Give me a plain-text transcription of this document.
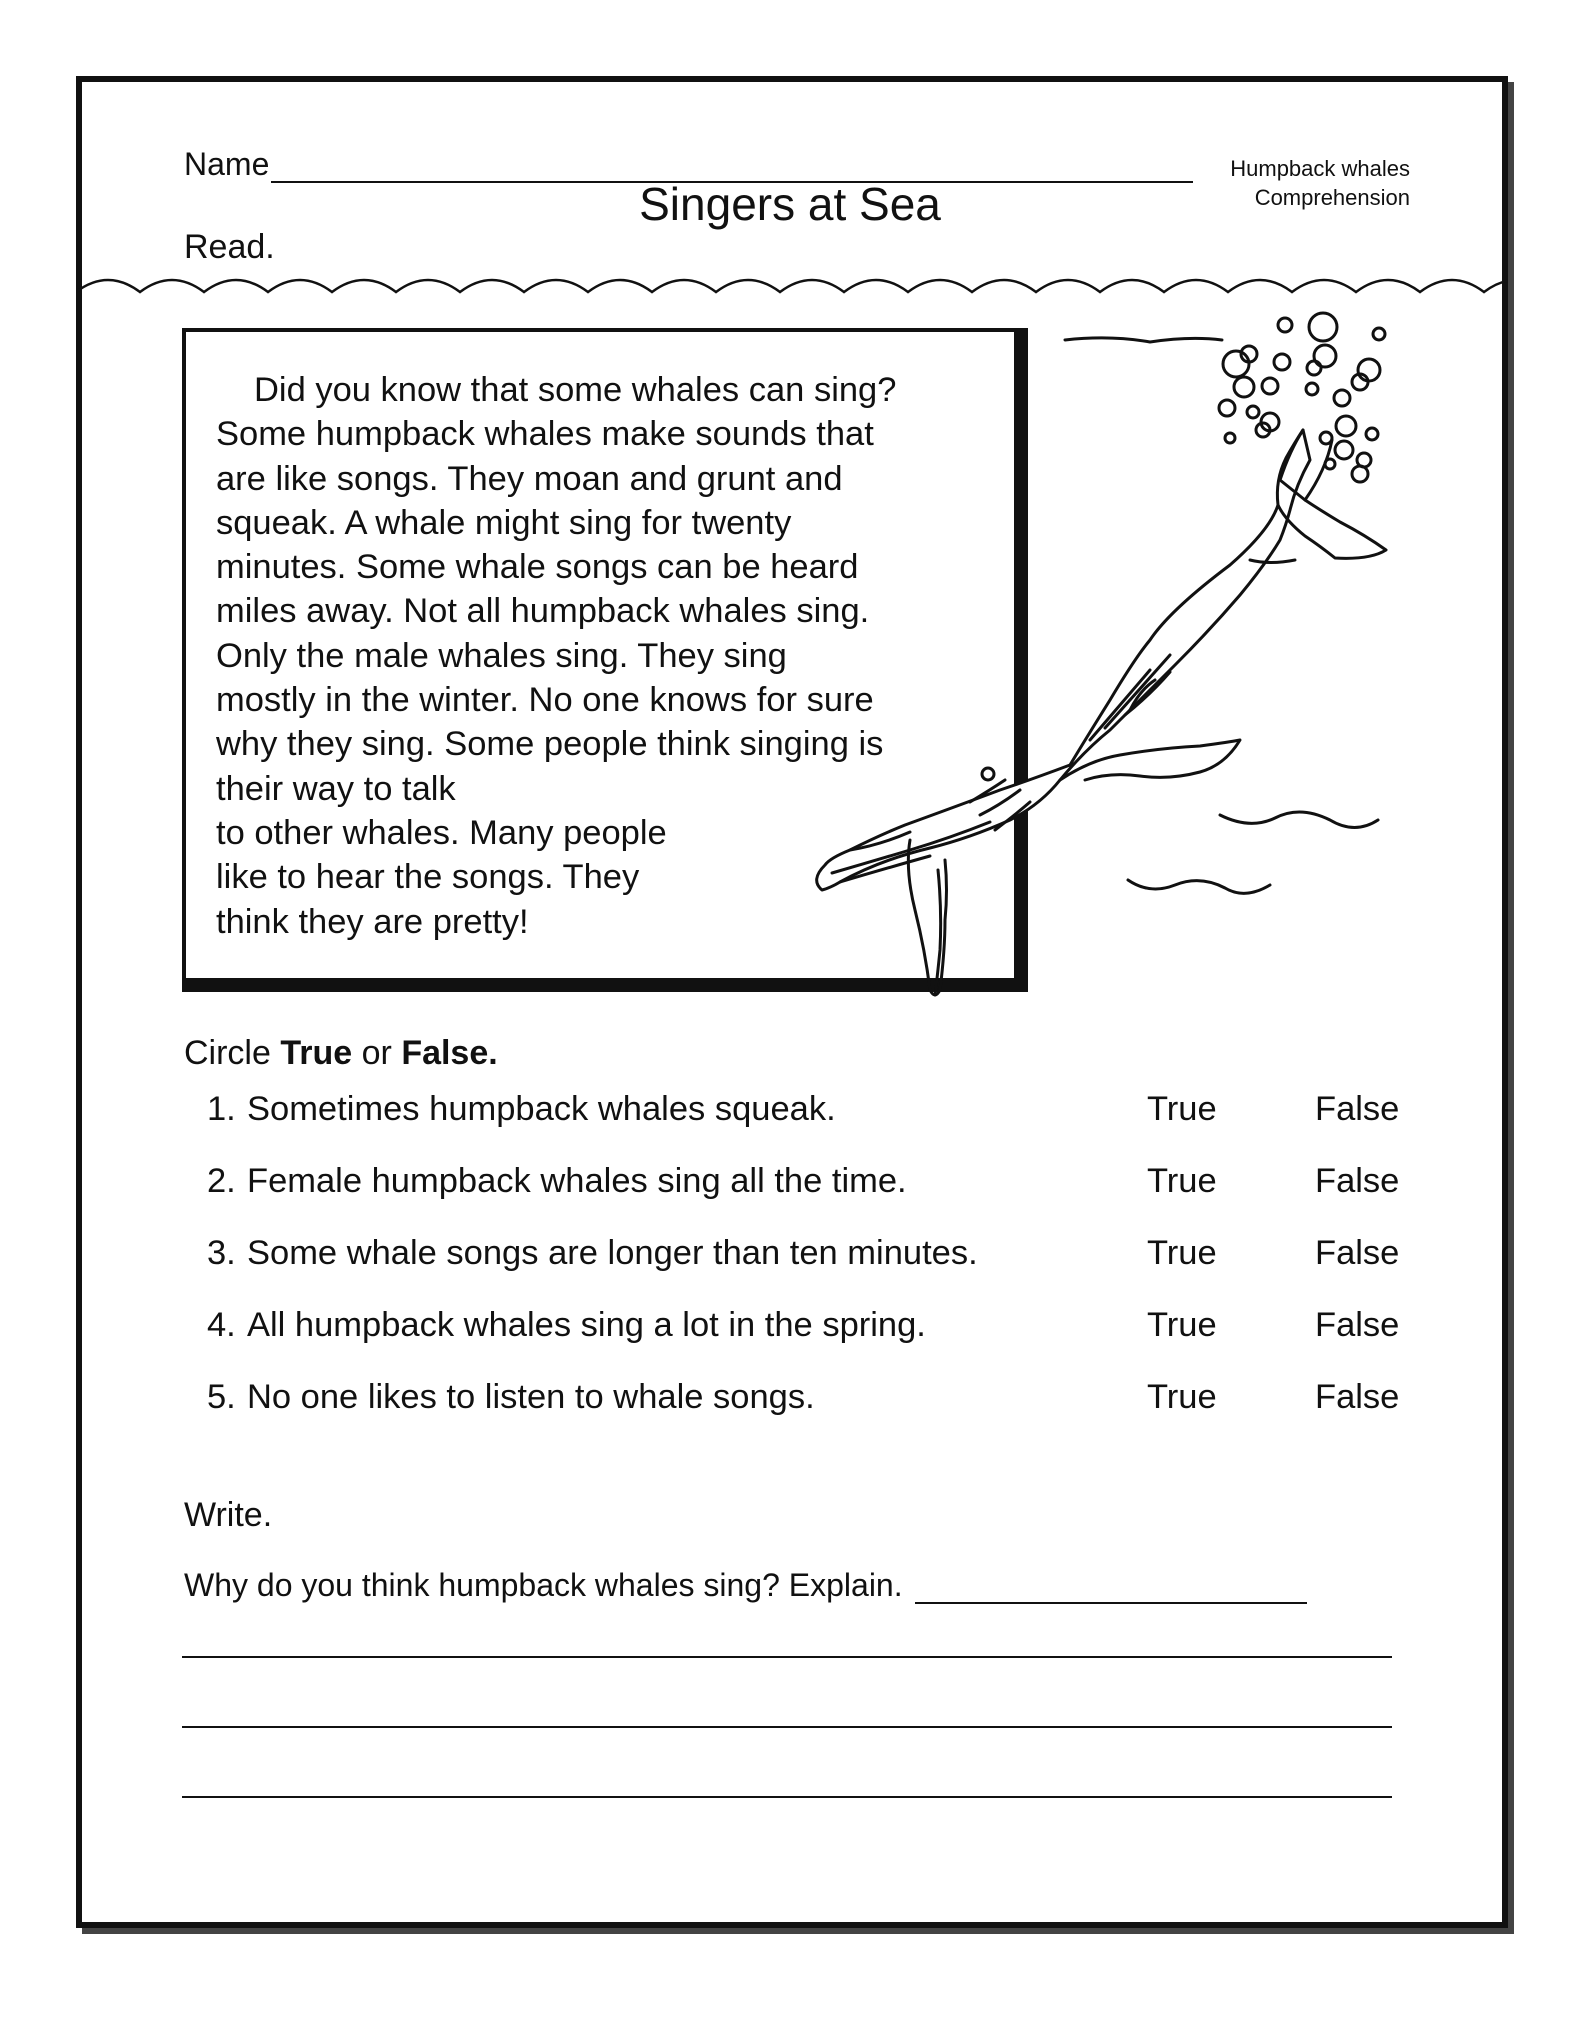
Name	Humpback whales
Comprehension
Singers at Sea
Read.
Did you know that some whales can sing?
Some humpback whales make sounds that
are like songs. They moan and grunt and
squeak. A whale might sing for twenty
minutes. Some whale songs can be heard
miles away. Not all humpback whales sing.
Only the male whales sing. They sing
mostly in the winter. No one knows for sure
why they sing. Some people think singing is
their way to talk
to other whales. Many people
like to hear the songs. They
think they are pretty!
Circle True or False.
1. Sometimes humpback whales squeak.	True	False
2. Female humpback whales sing all the time.	True	False
3. Some whale songs are longer than ten minutes.	True	False
4. All humpback whales sing a lot in the spring.	True	False
5. No one likes to listen to whale songs.	True	False
Write.
Why do you think humpback whales sing? Explain.
